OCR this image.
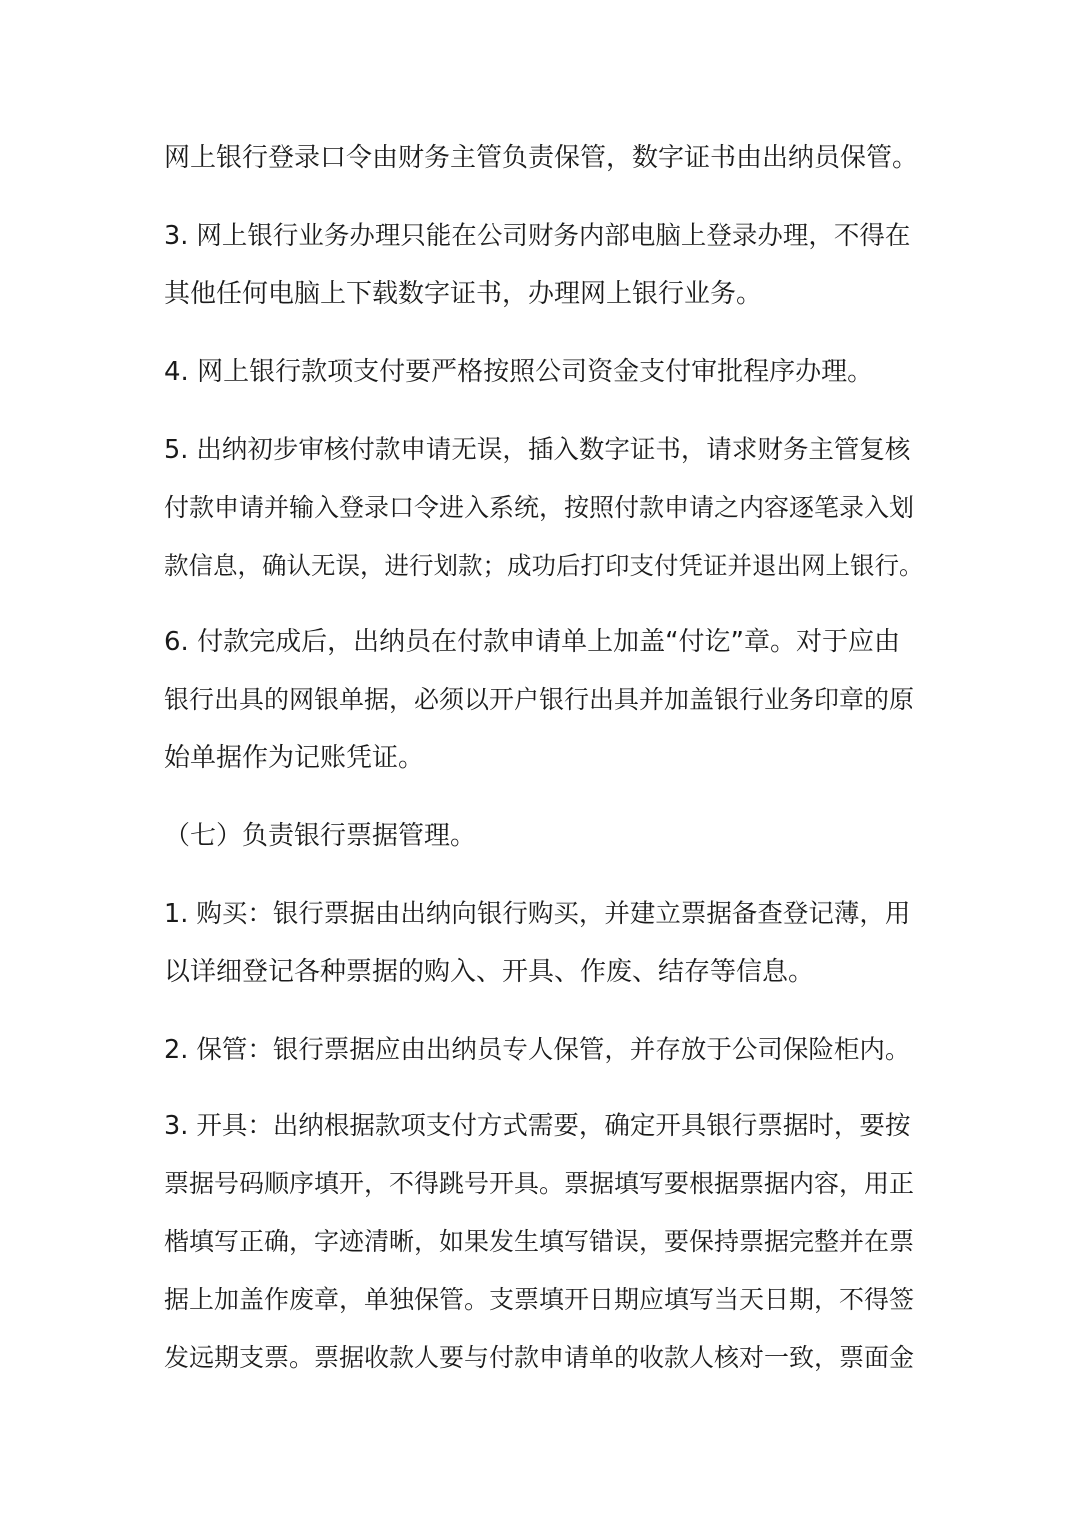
网上银行登录口令由财务主管负责保管，数字证书由出纳员保管。
3. 网上银行业务办理只能在公司财务内部电脑上登录办理，不得在
其他任何电脑上下载数字证书，办理网上银行业务。
4. 网上银行款项支付要严格按照公司资金支付审批程序办理。
5. 出纳初步审核付款申请无误，插入数字证书，请求财务主管复核
付款申请并输入登录口令进入系统，按照付款申请之内容逐笔录入划
款信息，确认无误，进行划款；成功后打印支付凭证并退出网上银行。
6. 付款完成后，出纳员在付款申请单上加盖“付讫”章。对于应由
银行出具的网银单据，必须以开户银行出具并加盖银行业务印章的原
始单据作为记账凭证。
（七）负责银行票据管理。
1. 购买：银行票据由出纳向银行购买，并建立票据备查登记薄，用
以详细登记各种票据的购入、开具、作废、结存等信息。
2. 保管：银行票据应由出纳员专人保管，并存放于公司保险柜内。
3. 开具：出纳根据款项支付方式需要，确定开具银行票据时，要按
票据号码顺序填开，不得跳号开具。票据填写要根据票据内容，用正
楷填写正确，字迹清晰，如果发生填写错误，要保持票据完整并在票
据上加盖作废章，单独保管。支票填开日期应填写当天日期，不得签
发远期支票。票据收款人要与付款申请单的收款人核对一致，票面金
